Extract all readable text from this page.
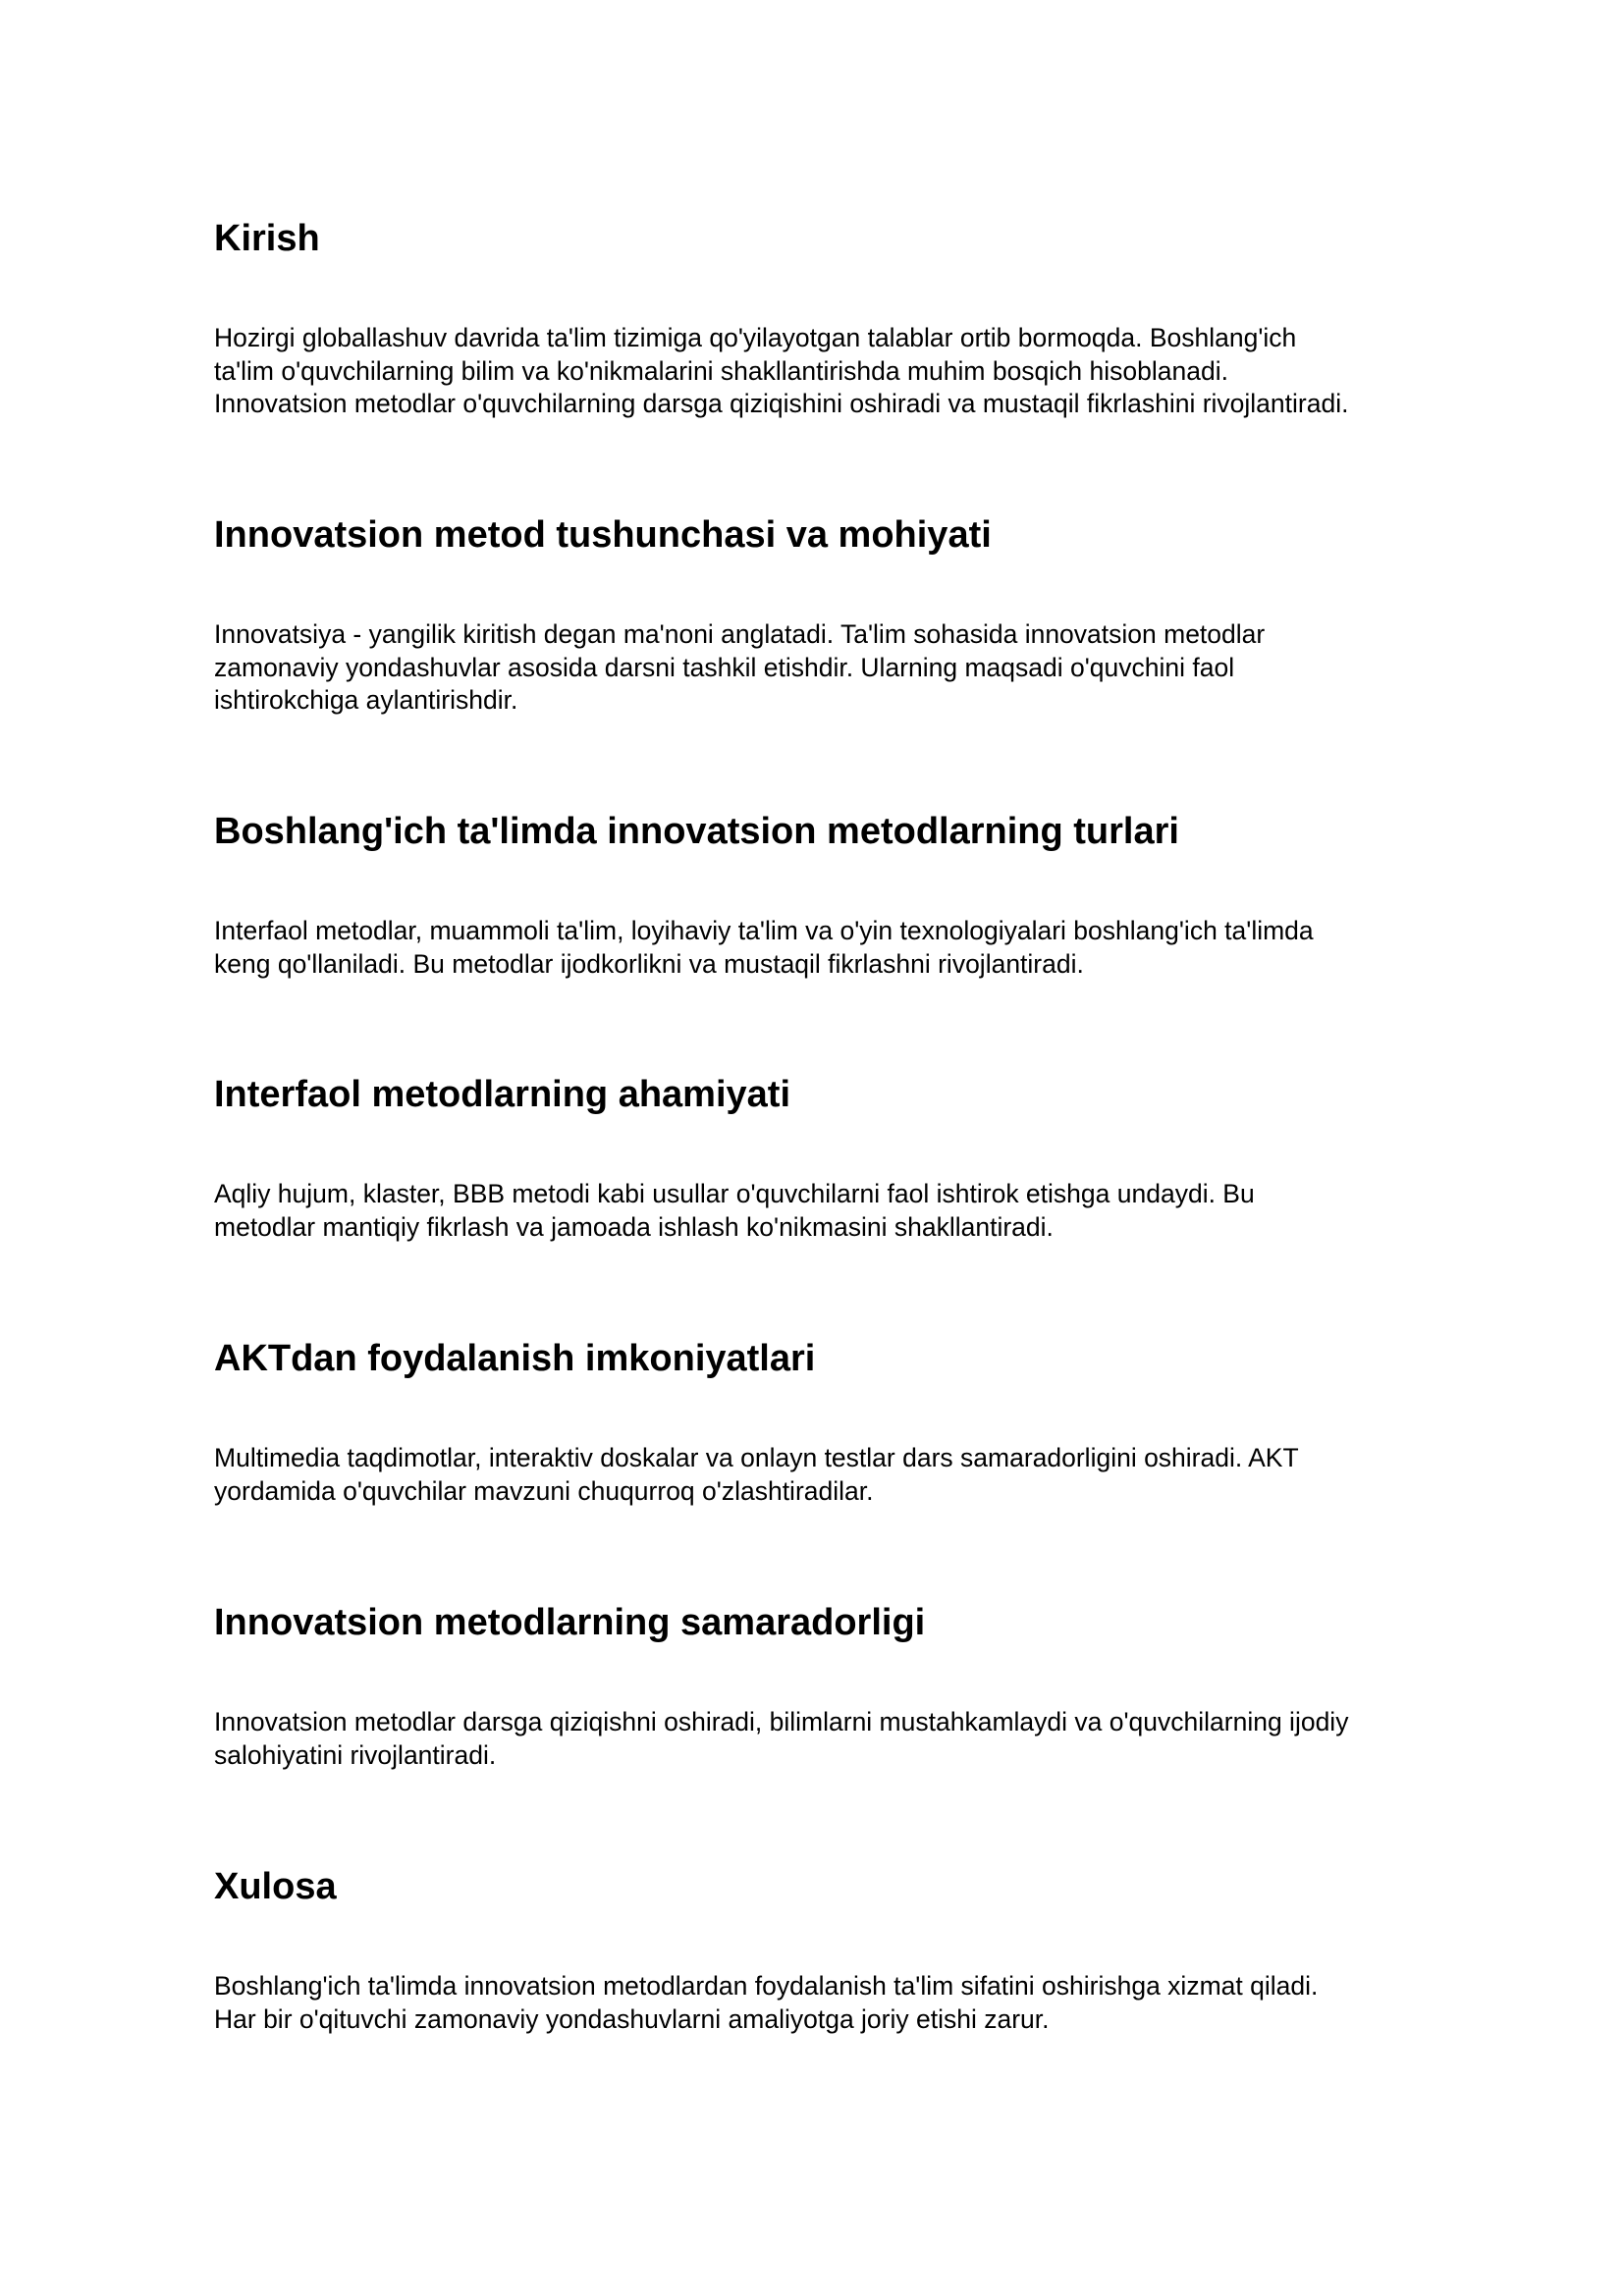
Kirish

Hozirgi globallashuv davrida ta'lim tizimiga qo'yilayotgan talablar ortib bormoqda. Boshlang'ich
ta'lim o'quvchilarning bilim va ko'nikmalarini shakllantirishda muhim bosqich hisoblanadi.
Innovatsion metodlar o'quvchilarning darsga qiziqishini oshiradi va mustaqil fikrlashini rivojlantiradi.

Innovatsion metod tushunchasi va mohiyati

Innovatsiya - yangilik kiritish degan ma'noni anglatadi. Ta'lim sohasida innovatsion metodlar
zamonaviy yondashuvlar asosida darsni tashkil etishdir. Ularning maqsadi o'quvchini faol
ishtirokchiga aylantirishdir.

Boshlang'ich ta'limda innovatsion metodlarning turlari

Interfaol metodlar, muammoli ta'lim, loyihaviy ta'lim va o'yin texnologiyalari boshlang'ich ta'limda
keng qo'llaniladi. Bu metodlar ijodkorlikni va mustaqil fikrlashni rivojlantiradi.

Interfaol metodlarning ahamiyati

Aqliy hujum, klaster, BBB metodi kabi usullar o'quvchilarni faol ishtirok etishga undaydi. Bu
metodlar mantiqiy fikrlash va jamoada ishlash ko'nikmasini shakllantiradi.

AKTdan foydalanish imkoniyatlari

Multimedia taqdimotlar, interaktiv doskalar va onlayn testlar dars samaradorligini oshiradi. AKT
yordamida o'quvchilar mavzuni chuqurroq o'zlashtiradilar.

Innovatsion metodlarning samaradorligi

Innovatsion metodlar darsga qiziqishni oshiradi, bilimlarni mustahkamlaydi va o'quvchilarning ijodiy
salohiyatini rivojlantiradi.

Xulosa

Boshlang'ich ta'limda innovatsion metodlardan foydalanish ta'lim sifatini oshirishga xizmat qiladi.
Har bir o'qituvchi zamonaviy yondashuvlarni amaliyotga joriy etishi zarur.
